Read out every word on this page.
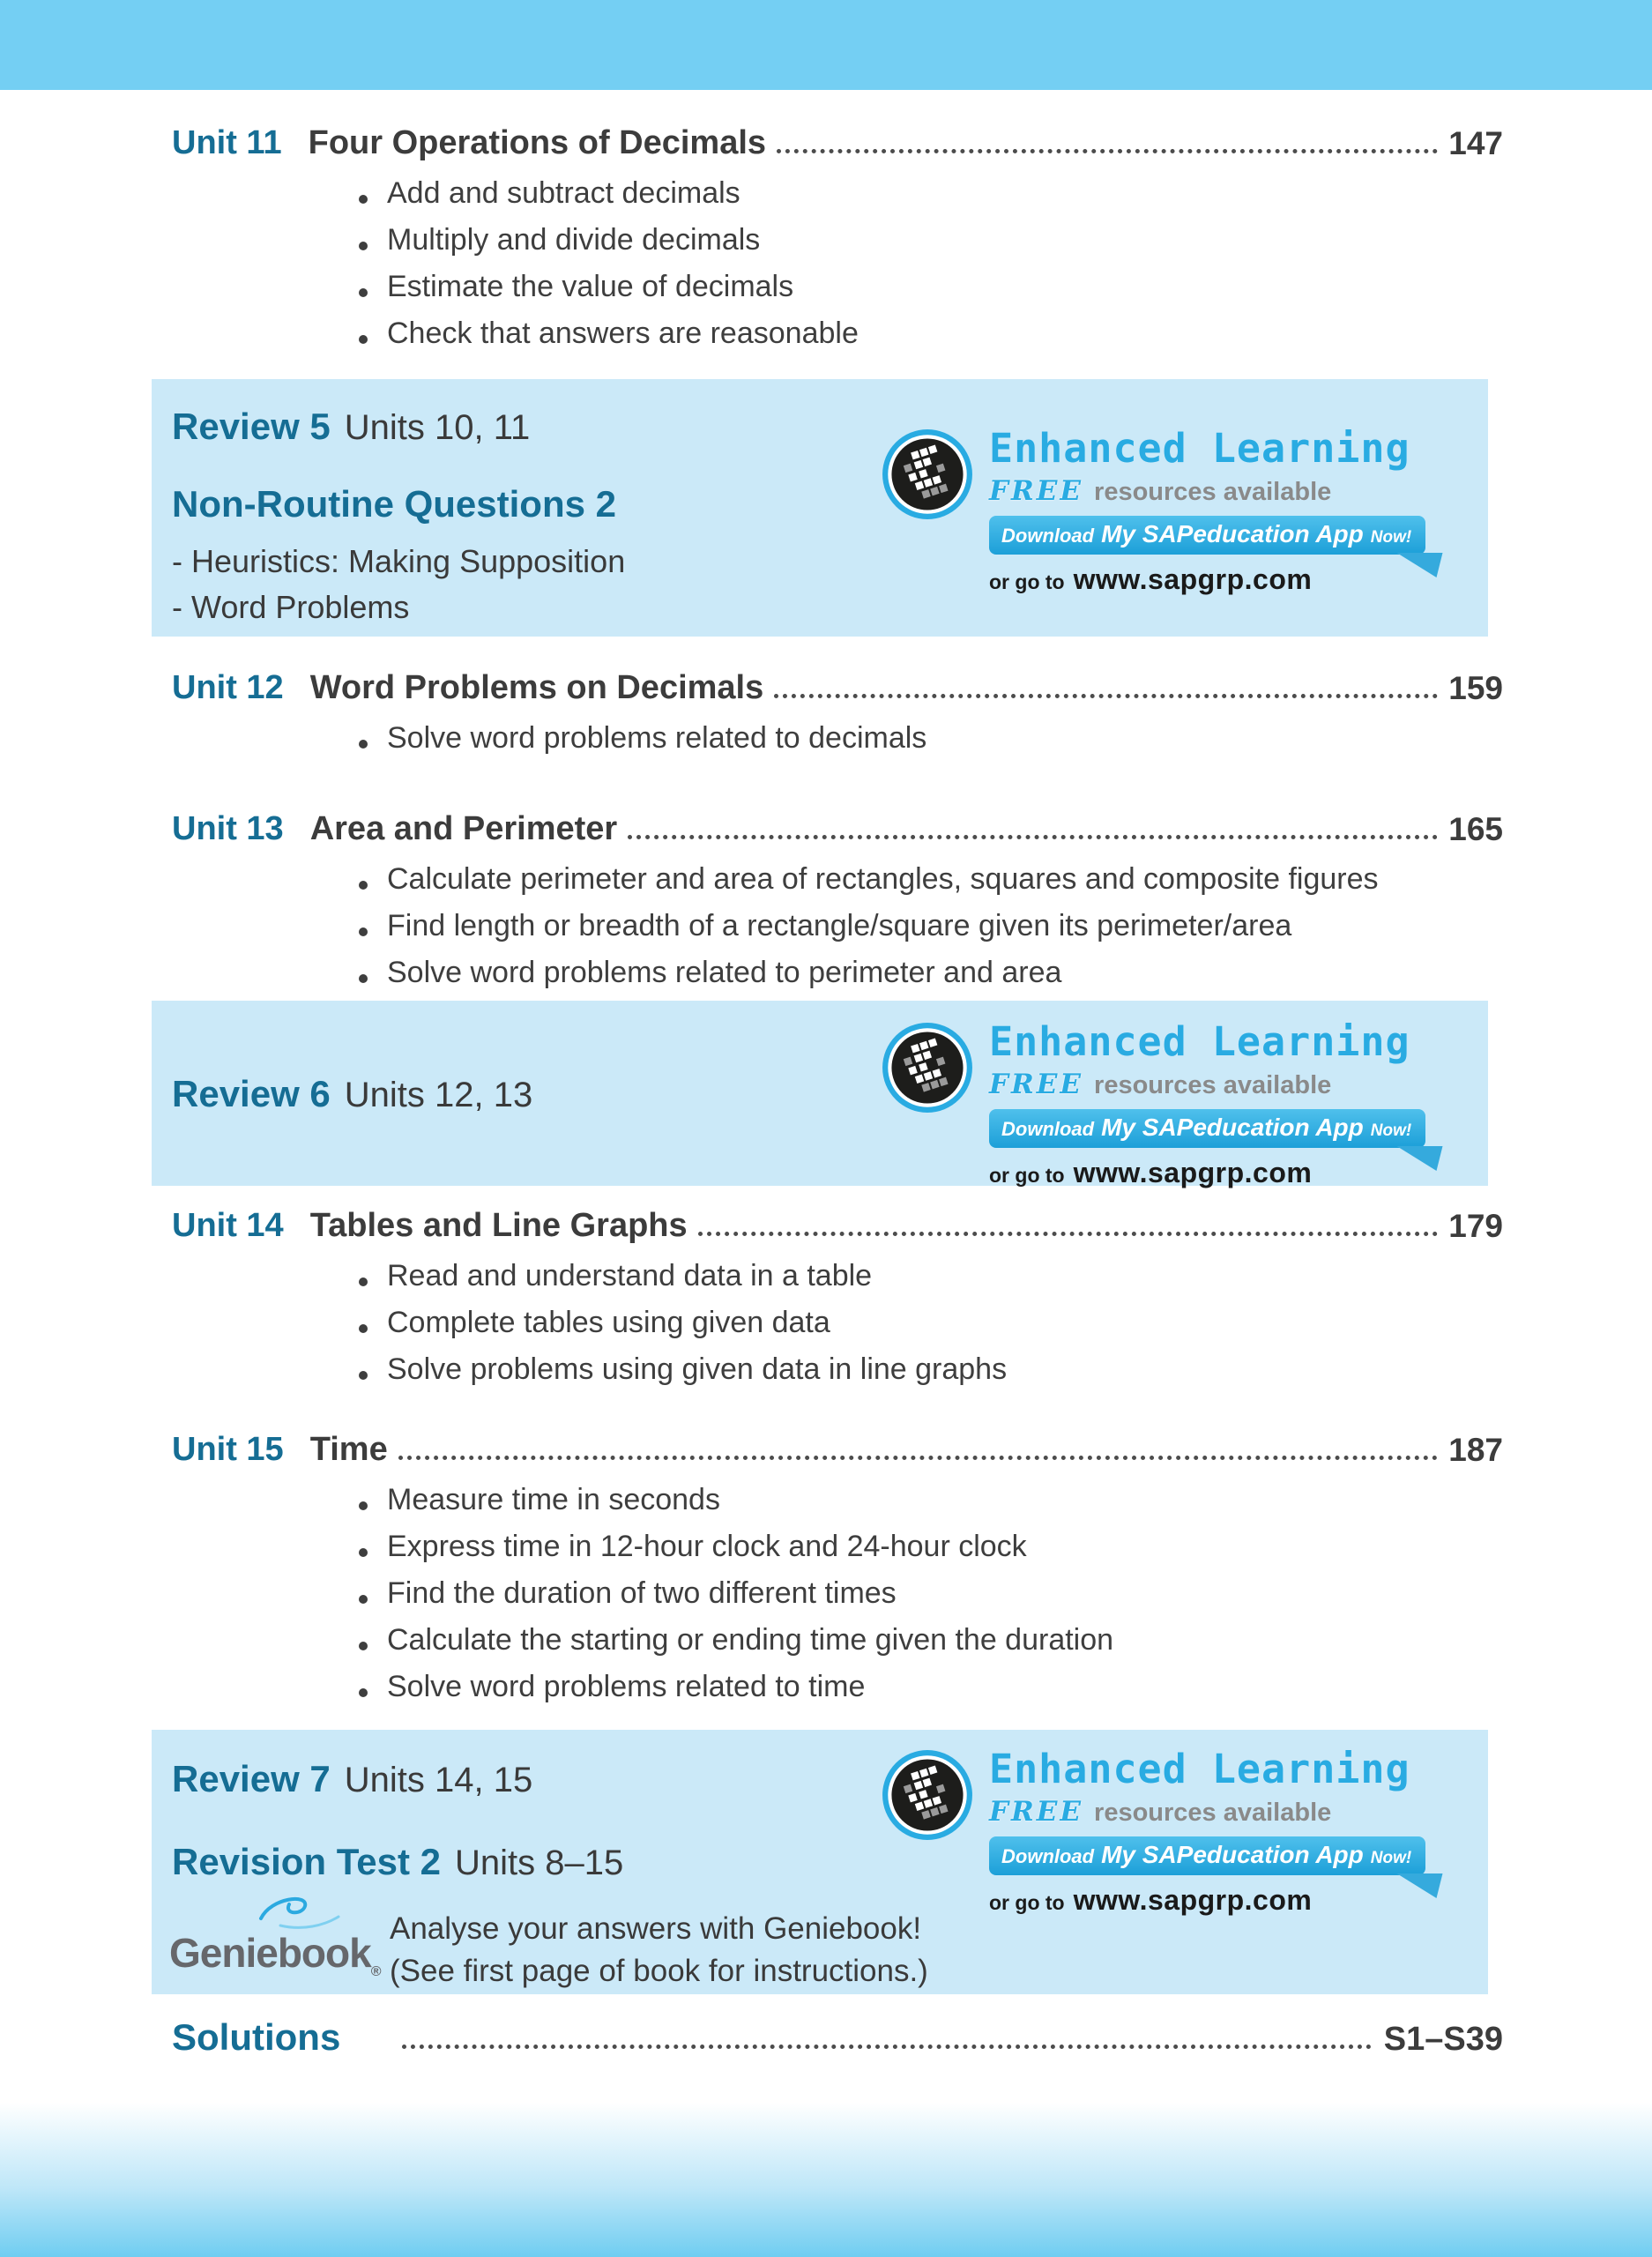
Unit 11 Four Operations of Decimals	147
Add and subtract decimals
Multiply and divide decimals
Estimate the value of decimals
Check that answers are reasonable
Review 5 Units 10, 11
Non-Routine Questions 2
- Heuristics: Making Supposition
- Word Problems
Enhanced Learning
FREE resources available
Download My SAPeducation App Now!
or go to www.sapgrp.com
Unit 12 Word Problems on Decimals	159
Solve word problems related to decimals
Unit 13 Area and Perimeter	165
Calculate perimeter and area of rectangles, squares and composite figures
Find length or breadth of a rectangle/square given its perimeter/area
Solve word problems related to perimeter and area
Review 6 Units 12, 13
Enhanced Learning
FREE resources available
Download My SAPeducation App Now!
or go to www.sapgrp.com
Unit 14 Tables and Line Graphs	179
Read and understand data in a table
Complete tables using given data
Solve problems using given data in line graphs
Unit 15 Time	187
Measure time in seconds
Express time in 12-hour clock and 24-hour clock
Find the duration of two different times
Calculate the starting or ending time given the duration
Solve word problems related to time
Review 7 Units 14, 15
Revision Test 2 Units 8–15
Geniebook$_®$
Analyse your answers with Geniebook!
(See first page of book for instructions.)
Enhanced Learning
FREE resources available
Download My SAPeducation App Now!
or go to www.sapgrp.com
Solutions	S1–S39
